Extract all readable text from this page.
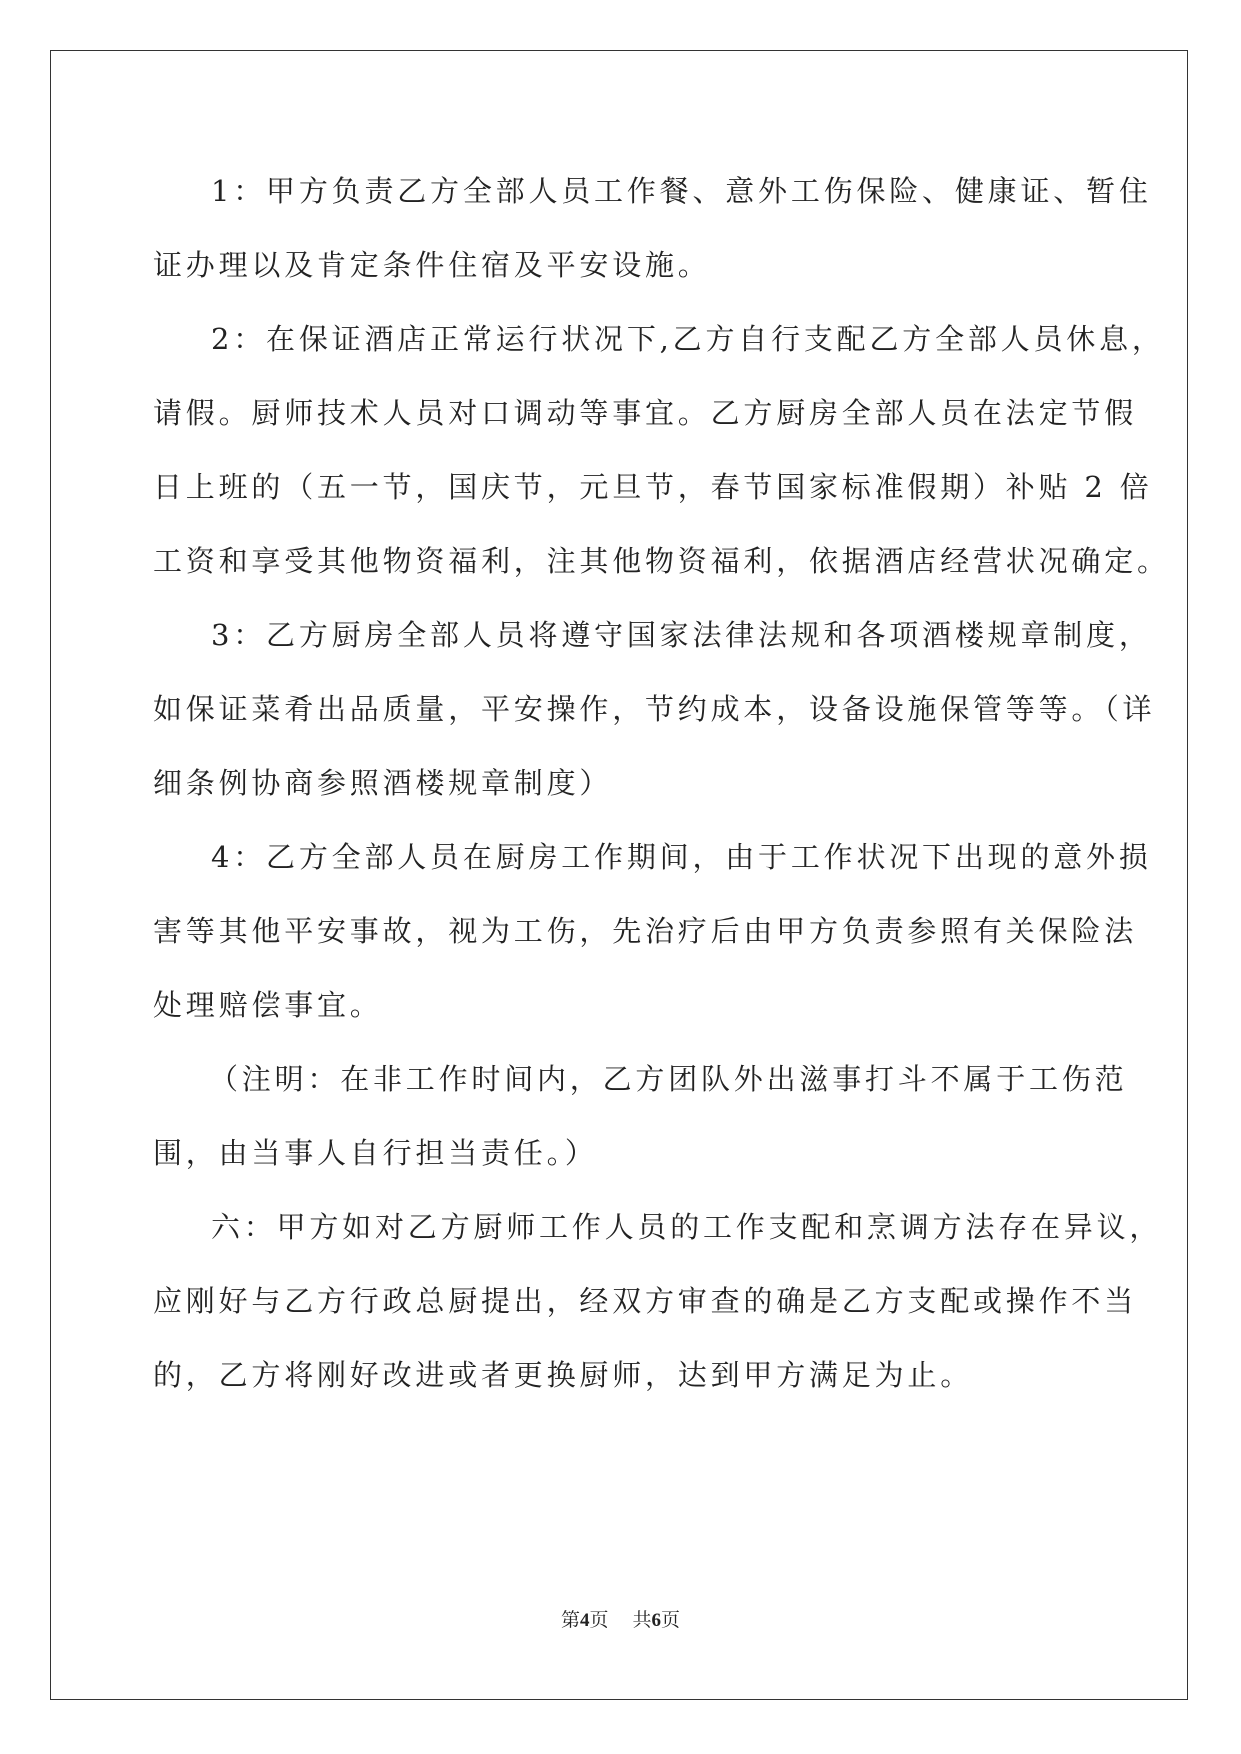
1：甲方负责乙方全部人员工作餐、意外工伤保险、健康证、暂住
证办理以及肯定条件住宿及平安设施。
2：在保证酒店正常运行状况下,乙方自行支配乙方全部人员休息，
请假。厨师技术人员对口调动等事宜。乙方厨房全部人员在法定节假
日上班的（五一节，国庆节，元旦节，春节国家标准假期）补贴 2 倍
工资和享受其他物资福利，注其他物资福利，依据酒店经营状况确定。
3：乙方厨房全部人员将遵守国家法律法规和各项酒楼规章制度，
如保证菜肴出品质量，平安操作，节约成本，设备设施保管等等。（详
细条例协商参照酒楼规章制度）
4：乙方全部人员在厨房工作期间，由于工作状况下出现的意外损
害等其他平安事故，视为工伤，先治疗后由甲方负责参照有关保险法
处理赔偿事宜。
（注明：在非工作时间内，乙方团队外出滋事打斗不属于工伤范
围，由当事人自行担当责任。）
六：甲方如对乙方厨师工作人员的工作支配和烹调方法存在异议，
应刚好与乙方行政总厨提出，经双方审查的确是乙方支配或操作不当
的，乙方将刚好改进或者更换厨师，达到甲方满足为止。
第4页 共6页
